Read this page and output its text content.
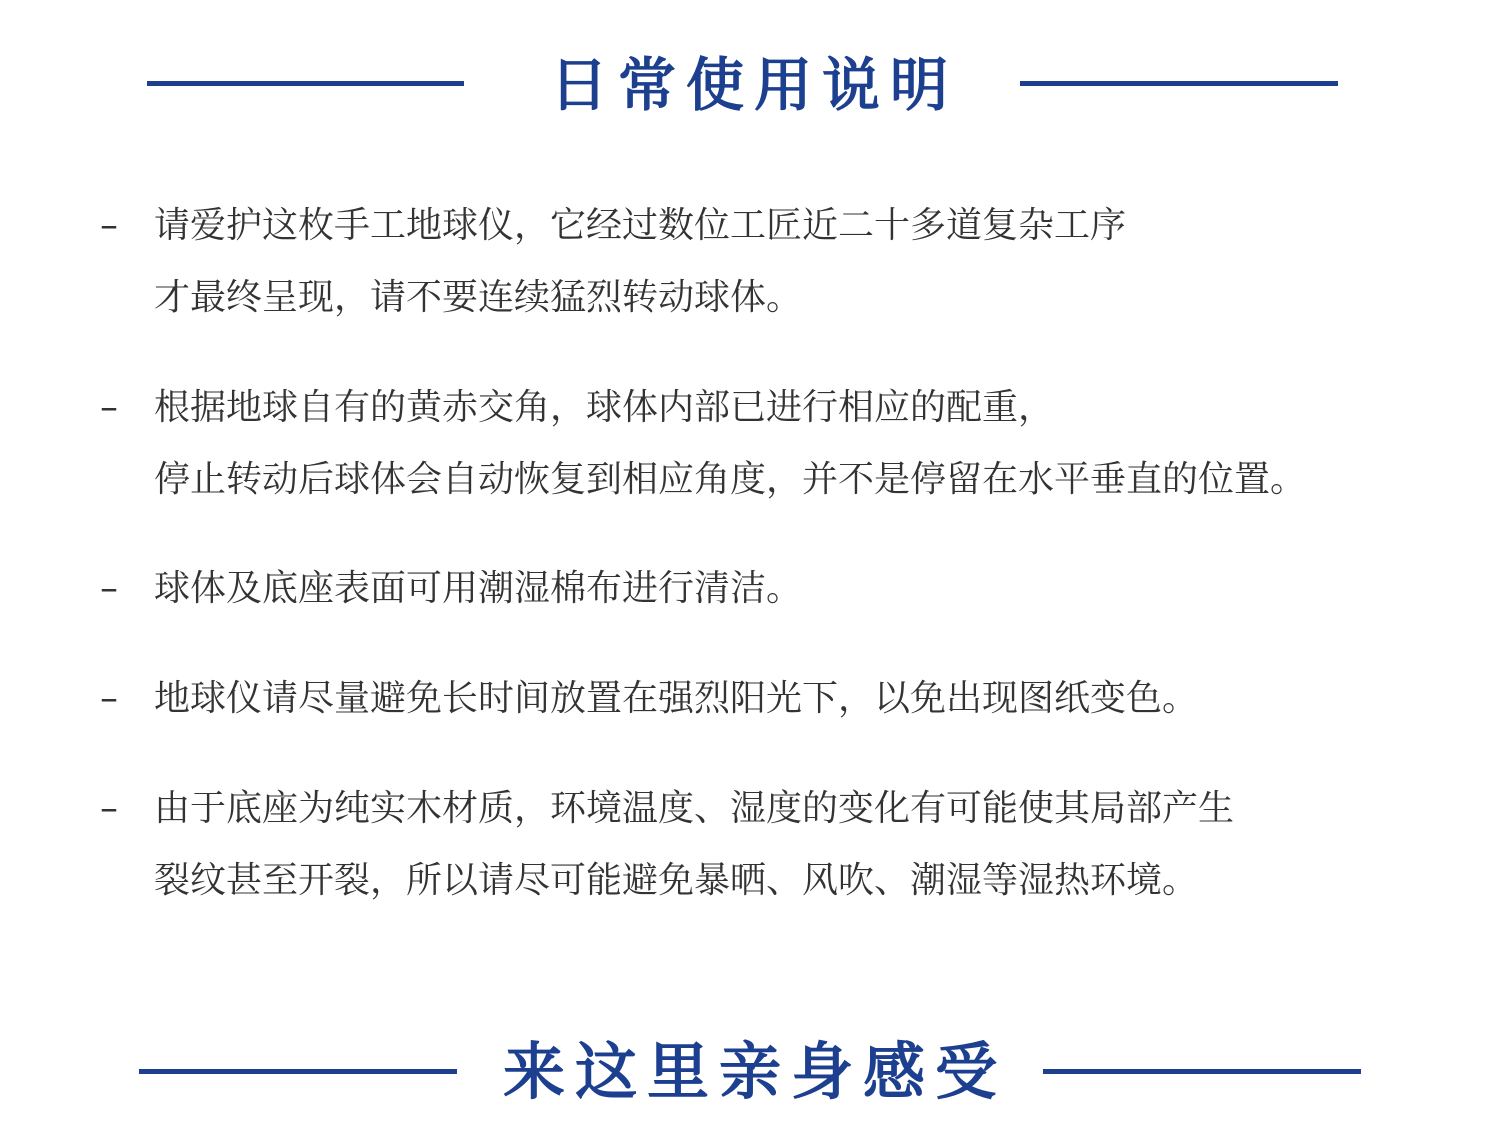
日常使用说明
–	请爱护这枚手工地球仪，它经过数位工匠近二十多道复杂工序
才最终呈现，请不要连续猛烈转动球体。
–	根据地球自有的黄赤交角，球体内部已进行相应的配重，
停止转动后球体会自动恢复到相应角度，并不是停留在水平垂直的位置。
–	球体及底座表面可用潮湿棉布进行清洁。
–	地球仪请尽量避免长时间放置在强烈阳光下，以免出现图纸变色。
–	由于底座为纯实木材质，环境温度、湿度的变化有可能使其局部产生
裂纹甚至开裂，所以请尽可能避免暴晒、风吹、潮湿等湿热环境。
来这里亲身感受
